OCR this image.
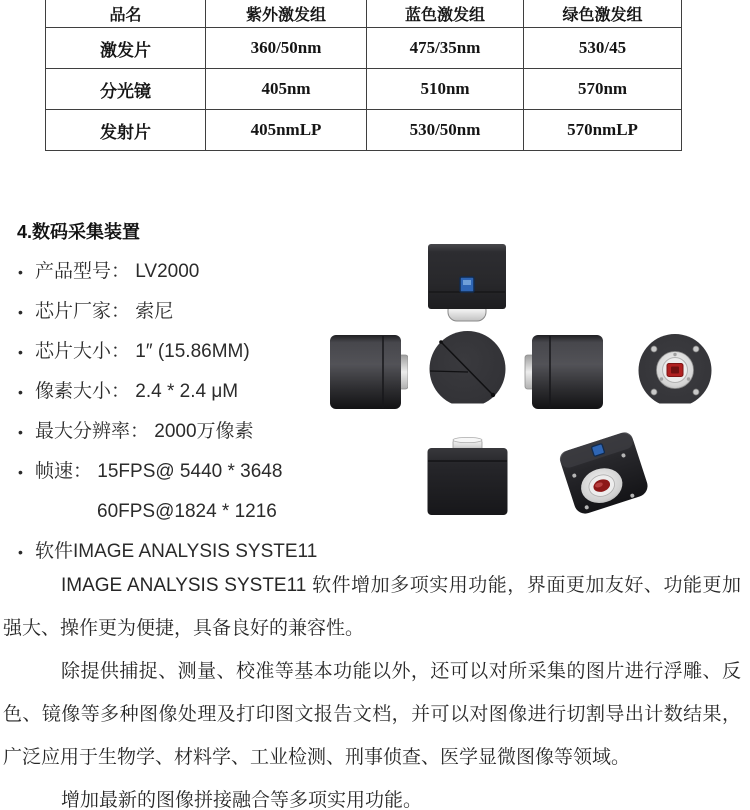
品名	紫外激发组	蓝色激发组	绿色激发组
激发片	360/50nm	475/35nm	530/45
分光镜	405nm	510nm	570nm
发射片	405nmLP	530/50nm	570nmLP
4.数码采集装置
• 产品型号： LV2000
• 芯片厂家： 索尼
• 芯片大小： 1″ (15.86MM)
• 像素大小： 2.4 * 2.4 μM
• 最大分辨率： 2000万像素
• 帧速： 15FPS@ 5440 * 3648
60FPS@1824 * 1216
• 软件IMAGE ANALYSIS SYSTE11

IMAGE ANALYSIS SYSTE11 软件增加多项实用功能，界面更加友好、功能更加强大、操作更为便捷，具备良好的兼容性。

除提供捕捉、测量、校准等基本功能以外，还可以对所采集的图片进行浮雕、反色、镜像等多种图像处理及打印图文报告文档，并可以对图像进行切割导出计数结果，广泛应用于生物学、材料学、工业检测、刑事侦查、医学显微图像等领域。

增加最新的图像拼接融合等多项实用功能。
